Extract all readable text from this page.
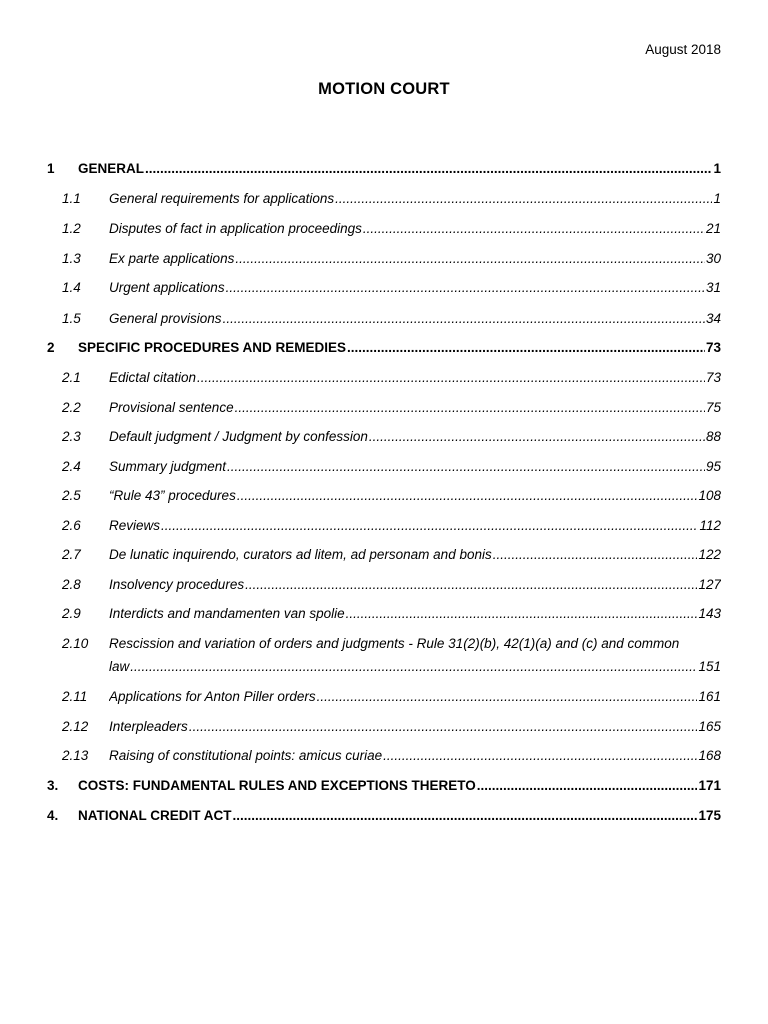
August 2018
MOTION COURT
1 GENERAL .....	1
1.1 General requirements for applications .....	1
1.2 Disputes of fact in application proceedings .....	21
1.3 Ex parte applications .....	30
1.4 Urgent applications .....	31
1.5 General provisions .....	34
2 SPECIFIC PROCEDURES AND REMEDIES .....	73
2.1 Edictal citation .....	73
2.2 Provisional sentence .....	75
2.3 Default judgment / Judgment by confession .....	88
2.4 Summary judgment .....	95
2.5 “Rule 43” procedures .....	108
2.6 Reviews .....	112
2.7 De lunatic inquirendo, curators ad litem, ad personam and bonis .....	122
2.8 Insolvency procedures .....	127
2.9 Interdicts and mandamenten van spolie .....	143
2.10 Rescission and variation of orders and judgments - Rule 31(2)(b), 42(1)(a) and (c) and common
law .....	151
2.11 Applications for Anton Piller orders .....	161
2.12 Interpleaders .....	165
2.13 Raising of constitutional points: amicus curiae .....	168
3. COSTS: FUNDAMENTAL RULES AND EXCEPTIONS THERETO .....	171
4. NATIONAL CREDIT ACT .....	175
